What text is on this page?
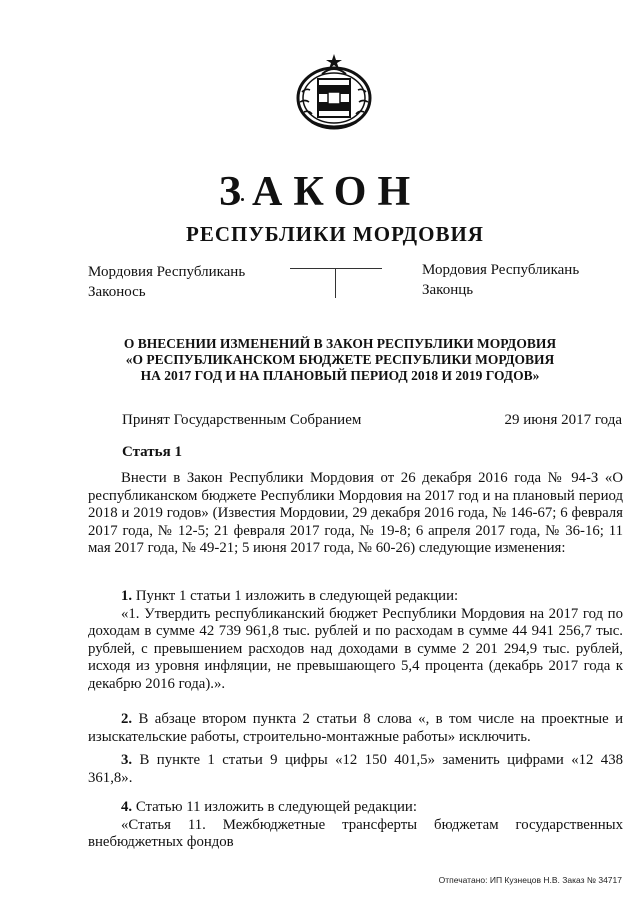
ЗАКОН
РЕСПУБЛИКИ МОРДОВИЯ
Мордовия Республикань
Законось
Мордовия Республикань
Законць
О ВНЕСЕНИИ ИЗМЕНЕНИЙ В ЗАКОН РЕСПУБЛИКИ МОРДОВИЯ
«О РЕСПУБЛИКАНСКОМ БЮДЖЕТЕ РЕСПУБЛИКИ МОРДОВИЯ
НА 2017 ГОД И НА ПЛАНОВЫЙ ПЕРИОД 2018 И 2019 ГОДОВ»
Принят Государственным Собранием	29 июня 2017 года
Статья 1

Внести в Закон Республики Мордовия от 26 декабря 2016 года № 94-З «О республиканском бюджете Республики Мордовия на 2017 год и на плановый период 2018 и 2019 годов» (Известия Мордовии, 29 декабря 2016 года, № 146-67; 6 февраля 2017 года, № 12-5; 21 февраля 2017 года, № 19-8; 6 апреля 2017 года, № 36-16; 11 мая 2017 года, № 49-21; 5 июня 2017 года, № 60-26) следующие изменения:

1. Пункт 1 статьи 1 изложить в следующей редакции:

«1. Утвердить республиканский бюджет Республики Мордовия на 2017 год по доходам в сумме 42 739 961,8 тыс. рублей и по расходам в сумме 44 941 256,7 тыс. рублей, с превышением расходов над доходами в сумме 2 201 294,9 тыс. рублей, исходя из уровня инфляции, не превышающего 5,4 процента (декабрь 2017 года к декабрю 2016 года).».

2. В абзаце втором пункта 2 статьи 8 слова «, в том числе на проектные и изыскательские работы, строительно-монтажные работы» исключить.

3. В пункте 1 статьи 9 цифры «12 150 401,5» заменить цифрами «12 438 361,8».

4. Статью 11 изложить в следующей редакции:

«Статья 11. Межбюджетные трансферты бюджетам государственных внебюджетных фондов

Отпечатано: ИП Кузнецов Н.В. Заказ № 34717
